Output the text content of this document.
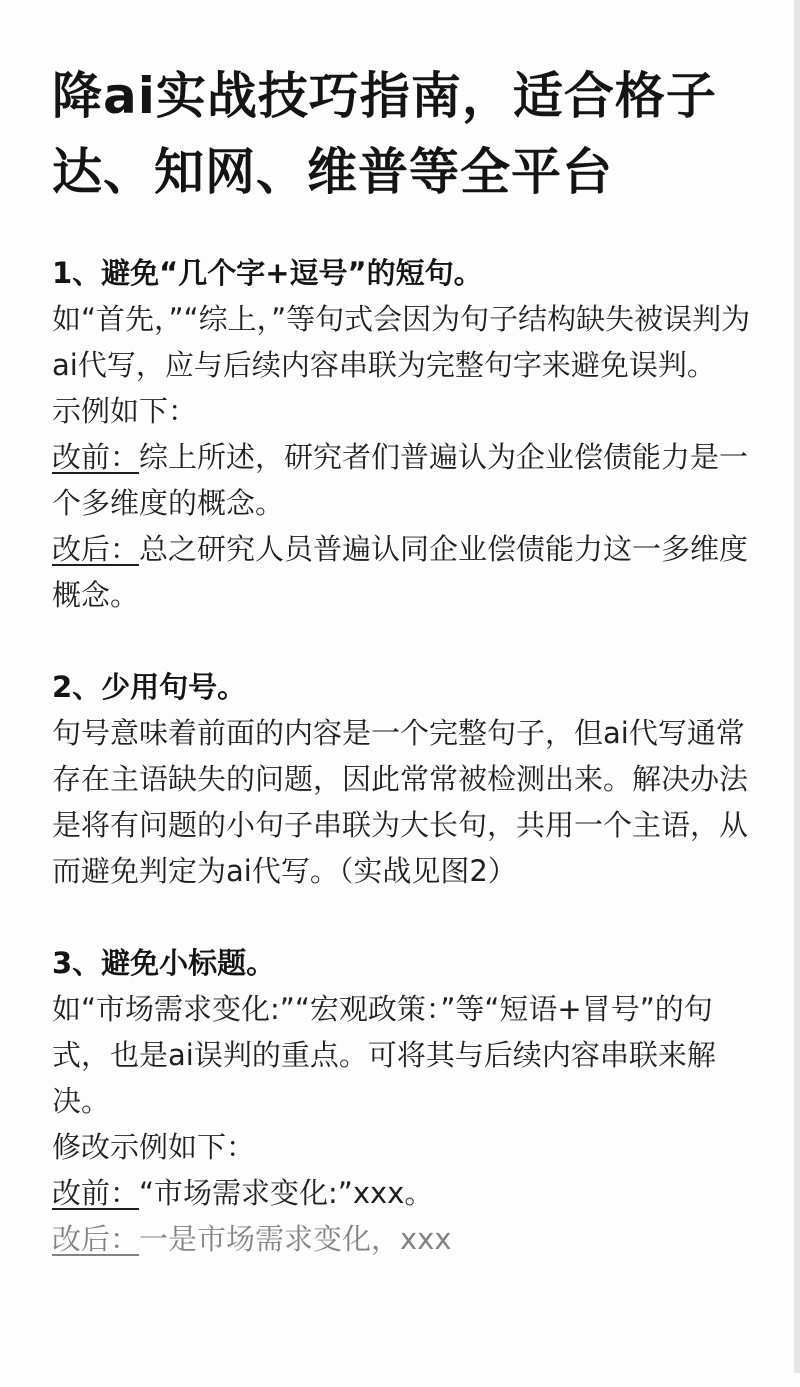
降ai实战技巧指南，适合格子达、知网、维普等全平台
1、避免“几个字+逗号”的短句。

如“首先，”“综上，”等句式会因为句子结构缺失被误判为ai代写，应与后续内容串联为完整句字来避免误判。

示例如下：

改前：综上所述，研究者们普遍认为企业偿债能力是一个多维度的概念。

改后：总之研究人员普遍认同企业偿债能力这一多维度概念。

2、少用句号。

句号意味着前面的内容是一个完整句子，但ai代写通常存在主语缺失的问题，因此常常被检测出来。解决办法是将有问题的小句子串联为大长句，共用一个主语，从而避免判定为ai代写。（实战见图2）

3、避免小标题。

如“市场需求变化:”“宏观政策：”等“短语+冒号”的句式，也是ai误判的重点。可将其与后续内容串联来解决。

修改示例如下：

改前：“市场需求变化:”xxx。

改后：一是市场需求变化，xxx
